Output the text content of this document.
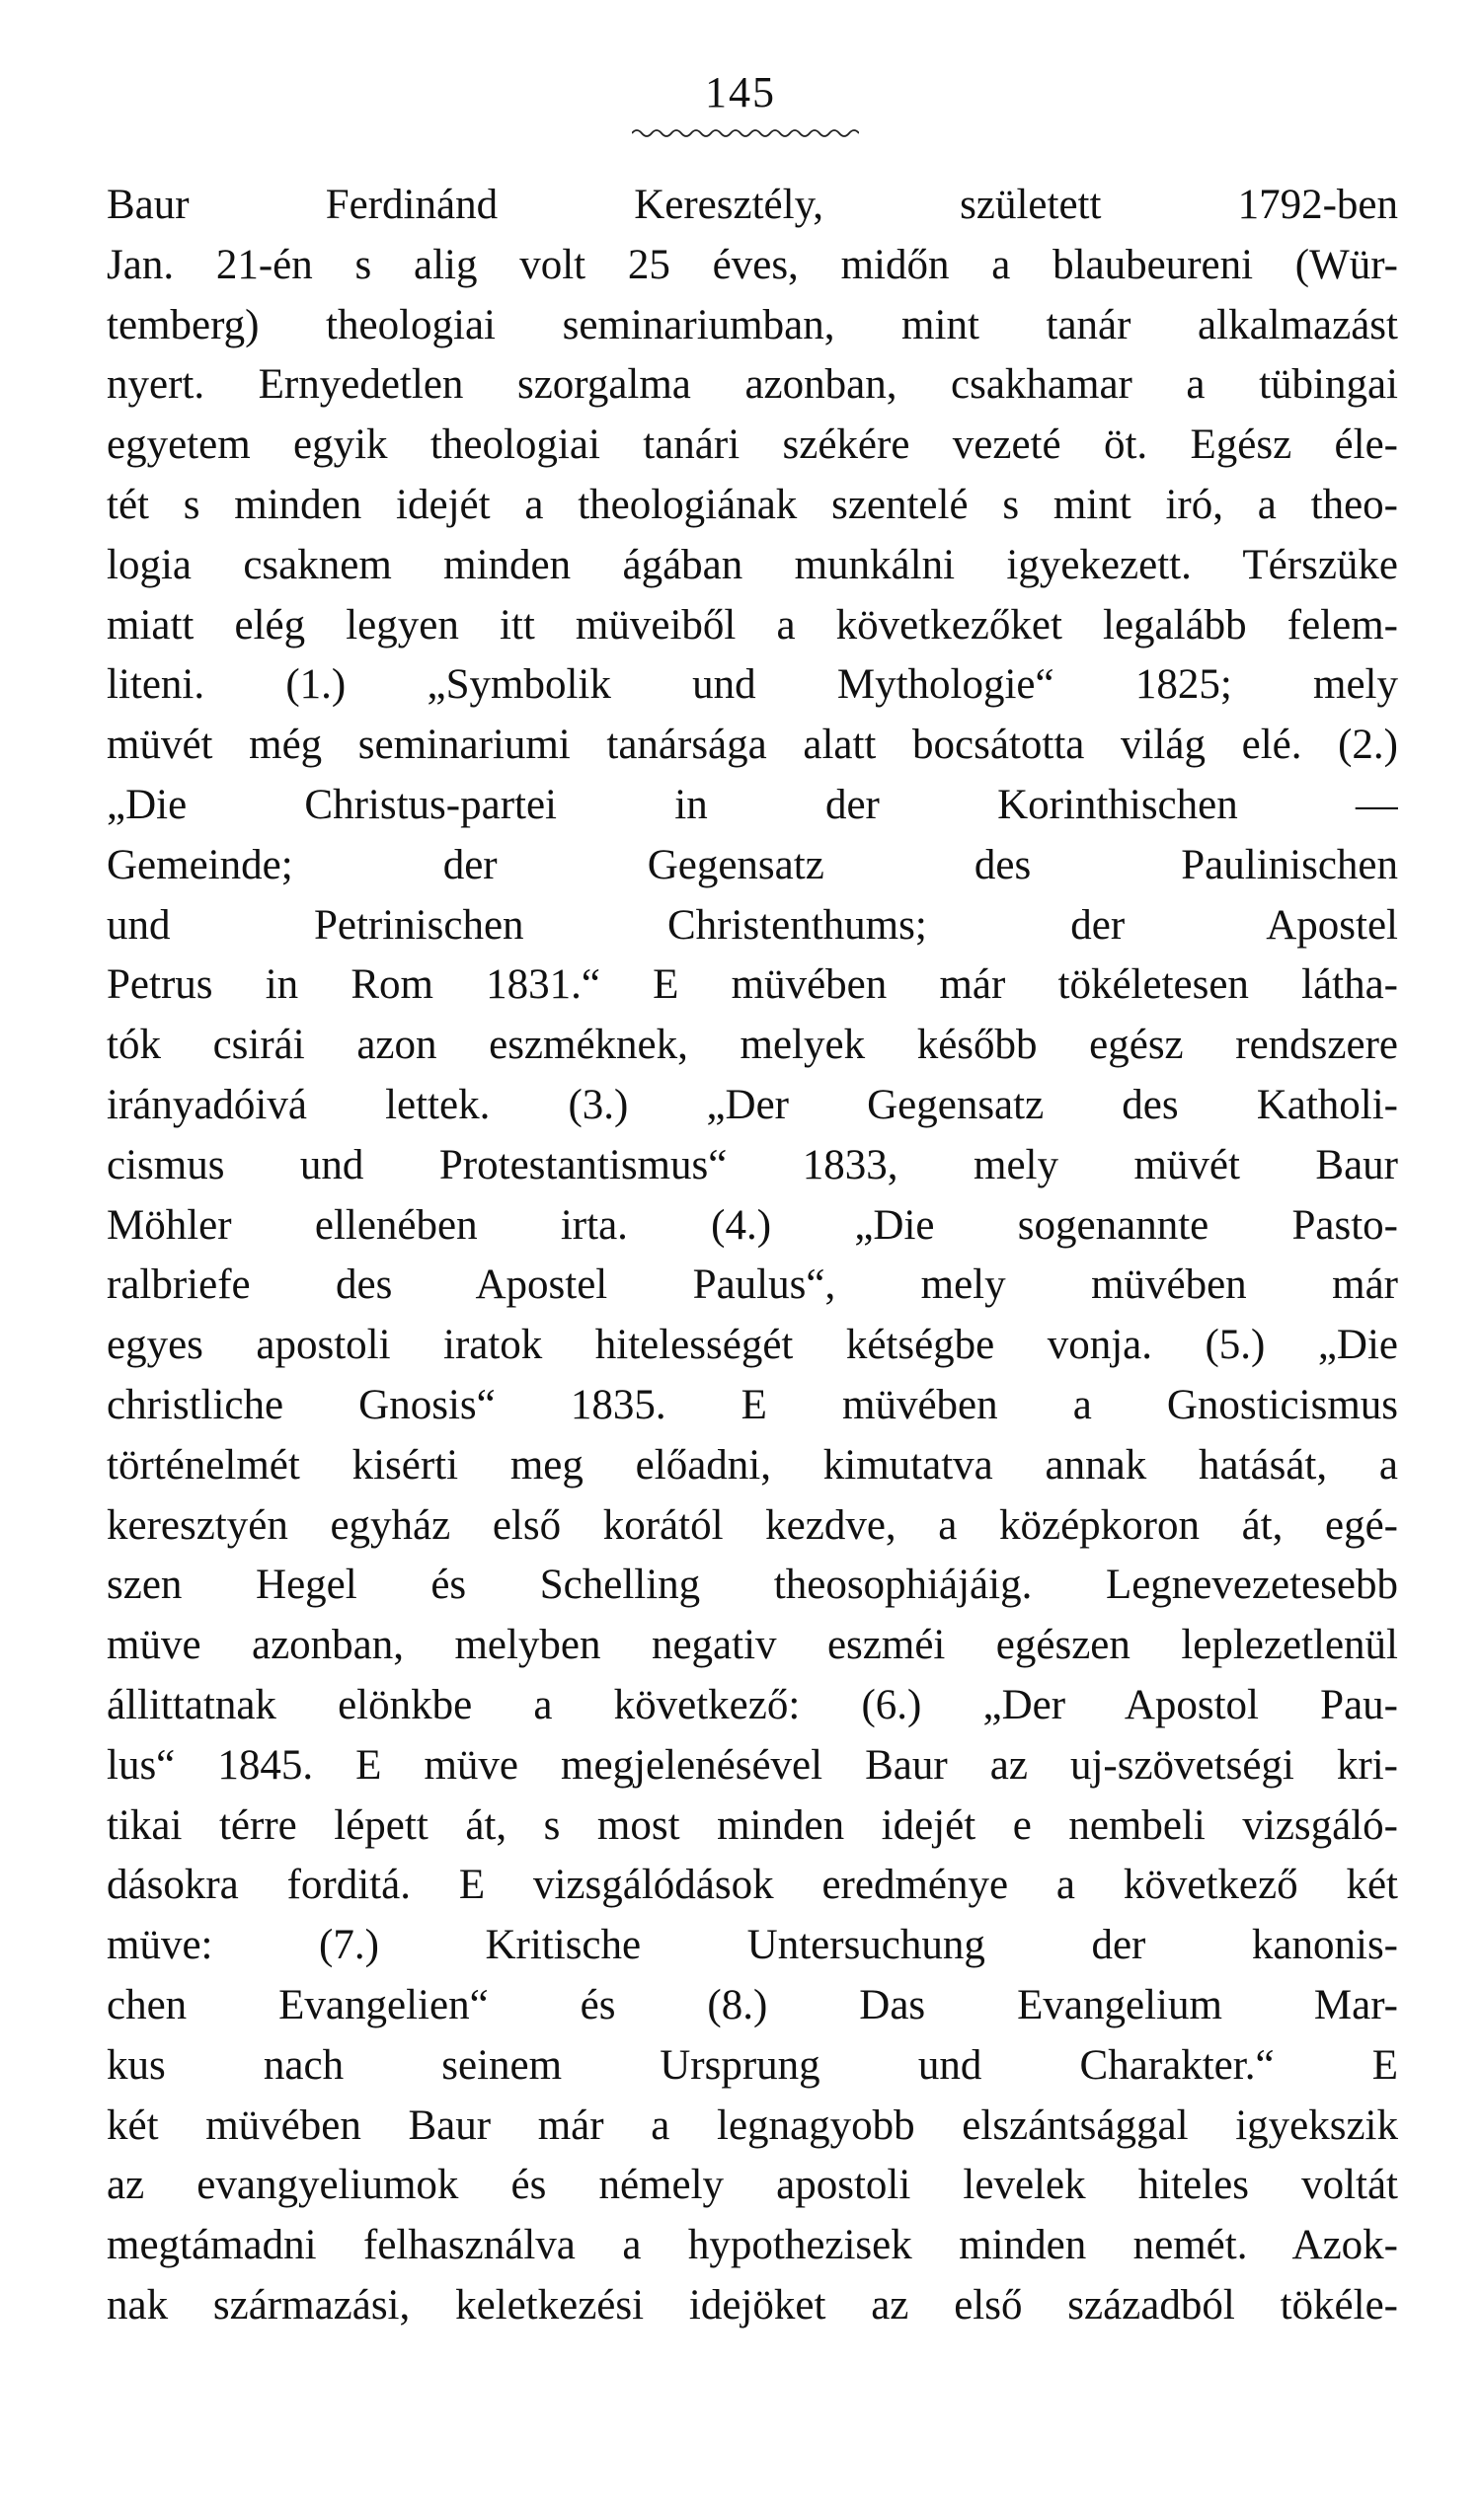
145
Baur Ferdinánd Keresztély, született 1792-ben
Jan. 21-én s alig volt 25 éves, midőn a blaubeureni (Wür-
temberg) theologiai seminariumban, mint tanár alkalmazást
nyert. Ernyedetlen szorgalma azonban, csakhamar a tübingai
egyetem egyik theologiai tanári székére vezeté öt. Egész éle-
tét s minden idejét a theologiának szentelé s mint iró, a theo-
logia csaknem minden ágában munkálni igyekezett. Térszüke
miatt elég legyen itt müveiből a következőket legalább felem-
liteni. (1.) „Symbolik und Mythologie“ 1825; mely
müvét még seminariumi tanársága alatt bocsátotta világ elé. (2.)
„Die Christus-partei in der Korinthischen —
Gemeinde; der Gegensatz des Paulinischen
und Petrinischen Christenthums; der Apostel
Petrus in Rom 1831.“ E müvében már tökéletesen látha-
tók csirái azon eszméknek, melyek később egész rendszere
irányadóivá lettek. (3.) „Der Gegensatz des Katholi-
cismus und Protestantismus“ 1833, mely müvét Baur
Möhler ellenében irta. (4.) „Die sogenannte Pasto-
ralbriefe des Apostel Paulus“, mely müvében már
egyes apostoli iratok hitelességét kétségbe vonja. (5.) „Die
christliche Gnosis“ 1835. E müvében a Gnosticismus
történelmét kisérti meg előadni, kimutatva annak hatását, a
keresztyén egyház első korától kezdve, a középkoron át, egé-
szen Hegel és Schelling theosophiájáig. Legnevezetesebb
müve azonban, melyben negativ eszméi egészen leplezetlenül
állittatnak elönkbe a következő: (6.) „Der Apostol Pau-
lus“ 1845. E müve megjelenésével Baur az uj-szövetségi kri-
tikai térre lépett át, s most minden idejét e nembeli vizsgáló-
dásokra forditá. E vizsgálódások eredménye a következő két
müve: (7.) Kritische Untersuchung der kanonis-
chen Evangelien“ és (8.) Das Evangelium Mar-
kus nach seinem Ursprung und Charakter.“ E
két müvében Baur már a legnagyobb elszántsággal igyekszik
az evangyeliumok és némely apostoli levelek hiteles voltát
megtámadni felhasználva a hypothezisek minden nemét. Azok-
nak származási, keletkezési idejöket az első századból tökéle-
